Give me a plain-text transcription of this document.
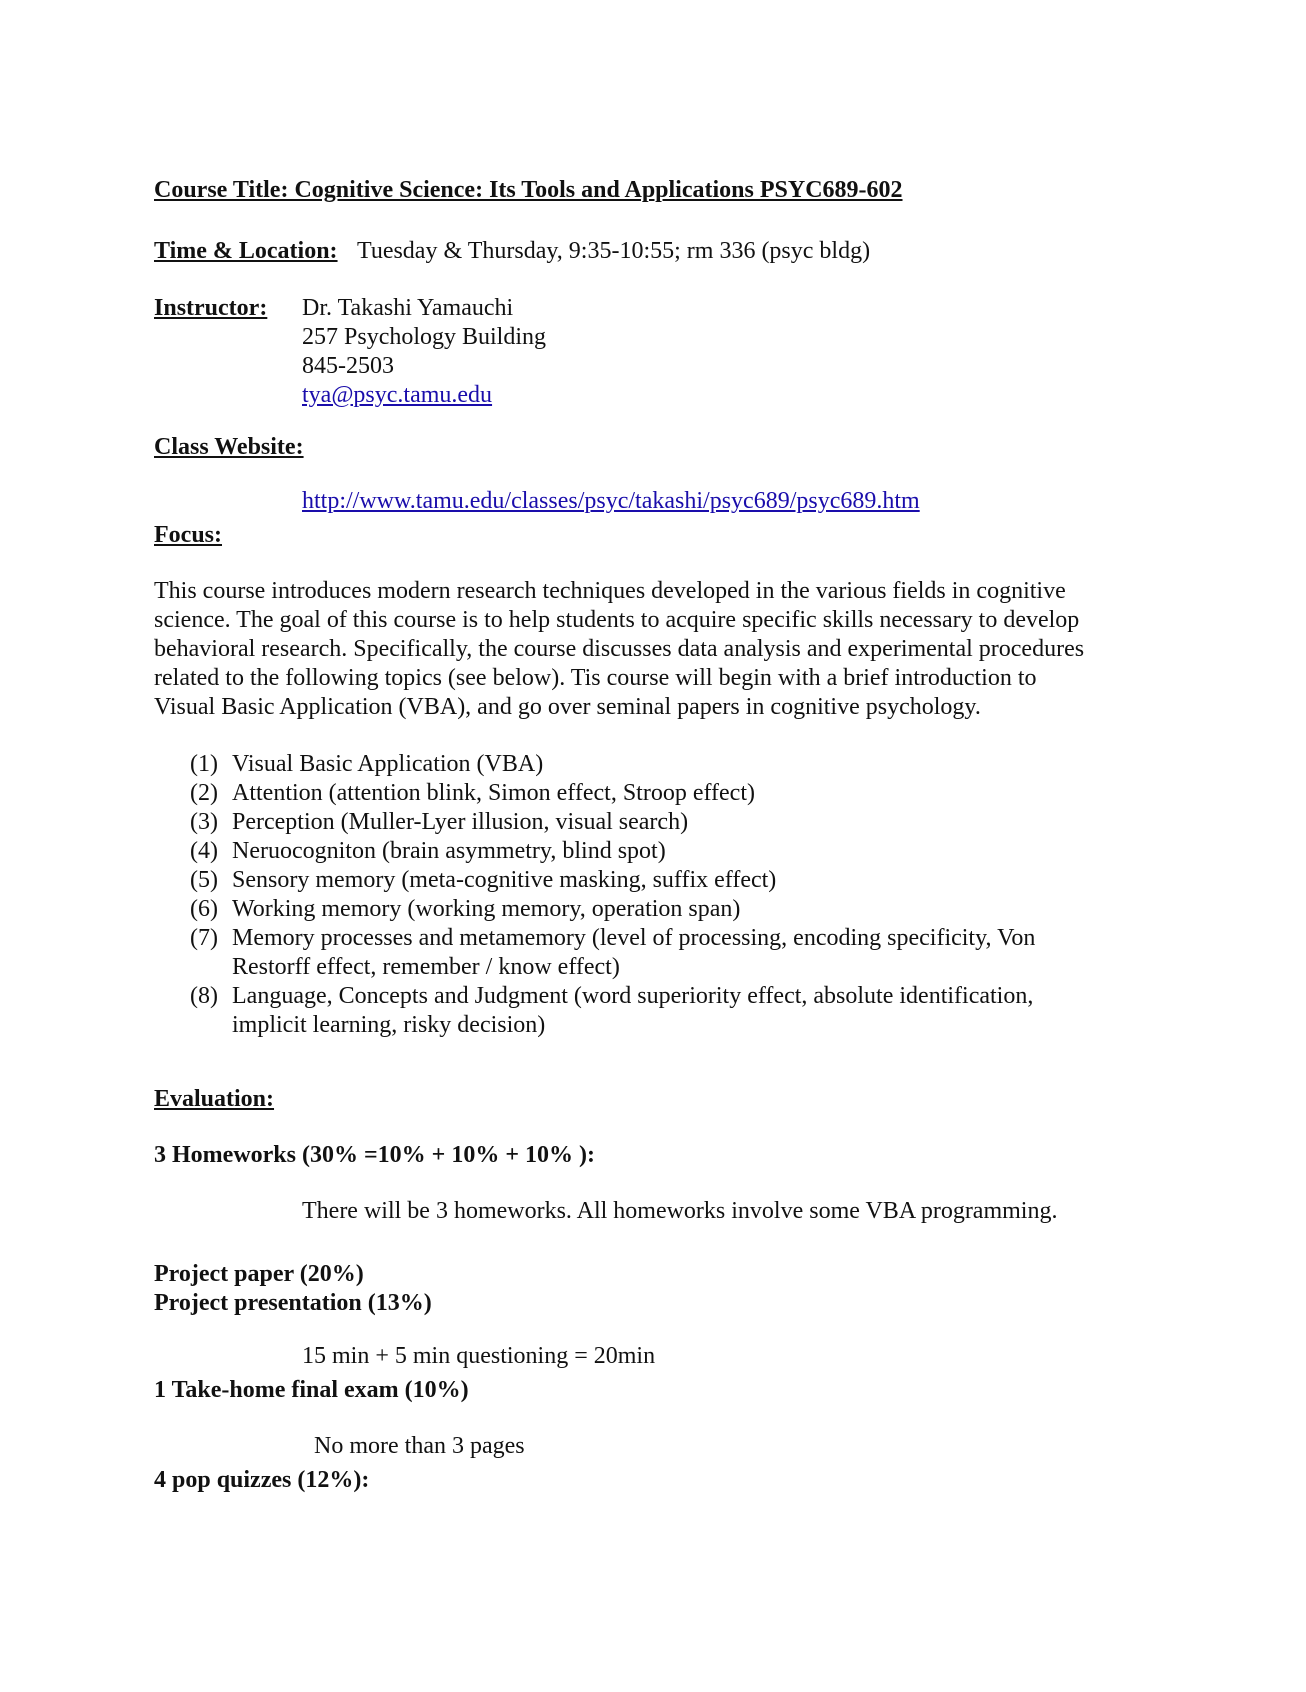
Course Title: Cognitive Science: Its Tools and Applications PSYC689-602
Time & Location: Tuesday & Thursday, 9:35-10:55; rm 336 (psyc bldg)
Instructor: Dr. Takashi Yamauchi
257 Psychology Building
845-2503
tya@psyc.tamu.edu
Class Website:
http://www.tamu.edu/classes/psyc/takashi/psyc689/psyc689.htm
Focus:
This course introduces modern research techniques developed in the various fields in cognitive
science. The goal of this course is to help students to acquire specific skills necessary to develop
behavioral research. Specifically, the course discusses data analysis and experimental procedures
related to the following topics (see below). Tis course will begin with a brief introduction to
Visual Basic Application (VBA), and go over seminal papers in cognitive psychology.
(1) Visual Basic Application (VBA)
(2) Attention (attention blink, Simon effect, Stroop effect)
(3) Perception (Muller-Lyer illusion, visual search)
(4) Neruocogniton (brain asymmetry, blind spot)
(5) Sensory memory (meta-cognitive masking, suffix effect)
(6) Working memory (working memory, operation span)
(7) Memory processes and metamemory (level of processing, encoding specificity, Von
Restorff effect, remember / know effect)
(8) Language, Concepts and Judgment (word superiority effect, absolute identification,
implicit learning, risky decision)
Evaluation:
3 Homeworks (30% =10% + 10% + 10% ):
There will be 3 homeworks. All homeworks involve some VBA programming.
Project paper (20%)
Project presentation (13%)
15 min + 5 min questioning = 20min
1 Take-home final exam (10%)
No more than 3 pages
4 pop quizzes (12%):
